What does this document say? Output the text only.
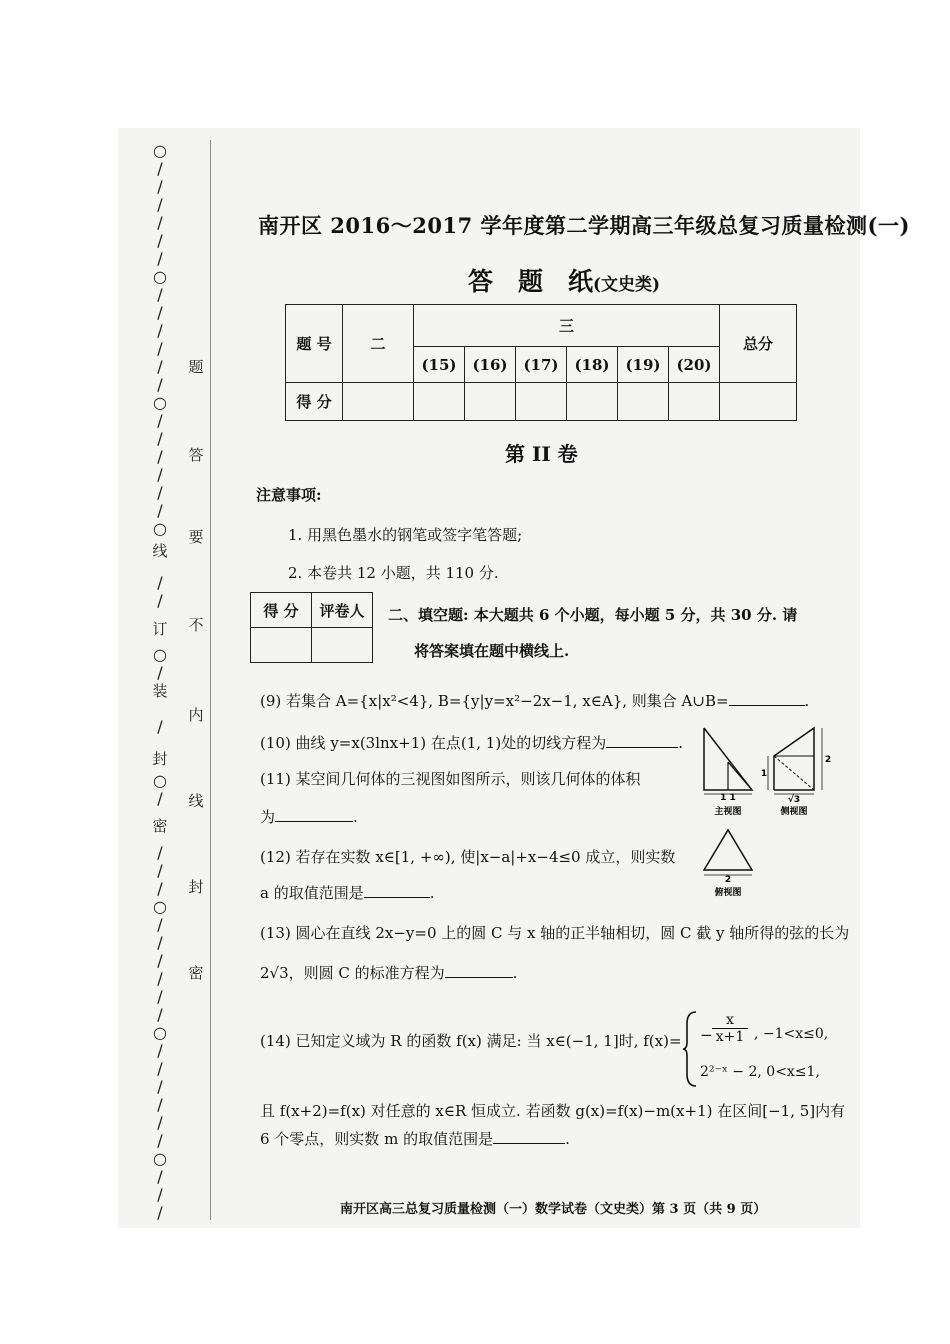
○
/
/
/
/
/
/
○
/
/
/
/
/
/
○
/
/
/
/
/
/
○
/
/
○
/
/
○
/
/
/
/
○
/
/
/
/
/
/
○
/
/
/
/
/
/
○
/
/
/
订
线
装
封
密
题
答
要
不
内
线
封
密
南开区 2016～2017 学年度第二学期高三年级总复习质量检测(一)
答　题　纸(文史类)
题 号	二	三						总分
		(15)	(16)	(17)	(18)	(19)	(20)	
得 分								
第 II 卷
注意事项:
1. 用黑色墨水的钢笔或签字笔答题;
2. 本卷共 12 小题，共 110 分.
得 分	评卷人
	二、填空题: 本大题共 6 个小题，每小题 5 分，共 30 分. 请
将答案填在题中横线上.
(9) 若集合 A={x|x²<4}, B={y|y=x²−2x−1, x∈A}, 则集合 A∪B=	.
(10) 曲线 y=x(3lnx+1) 在点(1, 1)处的切线方程为	.
(11) 某空间几何体的三视图如图所示，则该几何体的体积
为	.
(12) 若存在实数 x∈[1, +∞), 使|x−a|+x−4≤0 成立，则实数
a 的取值范围是	.
(13) 圆心在直线 2x−y=0 上的圆 C 与 x 轴的正半轴相切，圆 C 截 y 轴所得的弦的长为
2√3，则圆 C 的标准方程为	.
(14) 已知定义域为 R 的函数 f(x) 满足: 当 x∈(−1, 1]时, $f(x)= - \frac{x}{x+1}$ , −1<x≤0,
2²⁻ˣ − 2, 0<x≤1,
且 f(x+2)=f(x) 对任意的 x∈R 恒成立. 若函数 g(x)=f(x)−m(x+1) 在区间[−1, 5]内有
6 个零点，则实数 m 的取值范围是	.
1 1
主视图
1
2
√3
侧视图
2
俯视图
南开区高三总复习质量检测（一）数学试卷（文史类）第 3 页（共 9 页）
